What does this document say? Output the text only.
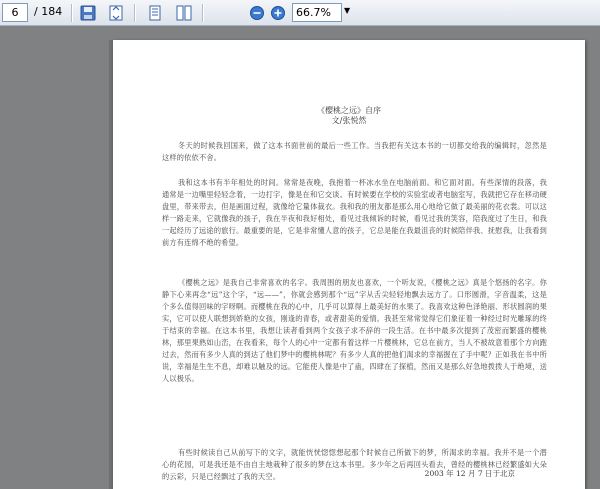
6	/ 184	66.7%	▼
《樱桃之远》自序
文/张悦然

冬天的时候我回国来，做了这本书面世前的最后一些工作。当我把有关这本书的一切都交给我的编辑时，忽然是这样的依依不舍。

我和这本书有半年相处的时间。常常是夜晚，我抱着一杯冰水坐在电脑前面。和它面对面。有些深情的段落，我通常是一边嘴里轻轻念着，一边打字，像是在和它交谈。有时候要在学校的实验室或者电脑室写，我就把它存在移动硬盘里，带来带去，但是画面过程，就像给它量体裁衣。我和我的朋友都是那么用心地给它做了最美丽的花衣裳。可以这样一路走来，它就像我的孩子，我在半夜和我好相处，看见过我倾诉的时候，看见过我的笑容，陪我度过了生日，和我一起经历了远途的旅行。最重要的是，它是非常懂人意的孩子，它总是能在我最沮丧的时候陪伴我、抚慰我，让我看到前方有连绵不绝的希望。

《樱桃之远》是我自己非常喜欢的名字。我周围的朋友也喜欢，一个听友说，《樱桃之远》真是个悠扬的名字。你静下心来再念“远”这个字，“远——”，你就会感到那个“远”字从舌尖轻轻地飘去远方了。口形圆滑，字音温柔，这是个多么值得回味的字呀啊。而樱桃在我的心中，几乎可以算得上最美好的水果了。我喜欢这种色泽艳丽、形状圆润的果实，它可以使人联想到娇艳的女孩，刚逢的青春，或者甜美的爱情。我甚至常常觉得它们象征着一种经过时光雕琢的终于结束的幸福。在这本书里，我想让读者看到两个女孩子求不辞的一段生活。在书中最多次提到了茂密而繁盛的樱桃林，那里果熟如山峦，在我看来，每个人的心中一定都有着这样一片樱桃林，它总在前方，当人不被故意着那个方向跑过去，然而有多少人真的到达了他们梦中的樱桃林呢？有多少人真的把他们渴求的幸福握在了手中呢？正如我在书中所说，幸福是生生不息，却难以触及的远。它能使人像是中了蛊，四肆在了探植，然而又是那么好急地拨拨人于绝境，送人以极乐。

有些时候读自己从前写下的文字，就能恍恍惚惚想起那个时候自己所做下的梦，所渴求的幸福。我并不是一个潜心的花园，可是我还是不由自主地栽种了很多的梦在这本书里。多少年之后再回头看去，曾经的樱桃林已经繁盛如大朵的云彩，只是已经飘过了我的天空。	2003 年 12 月 7 日于北京
